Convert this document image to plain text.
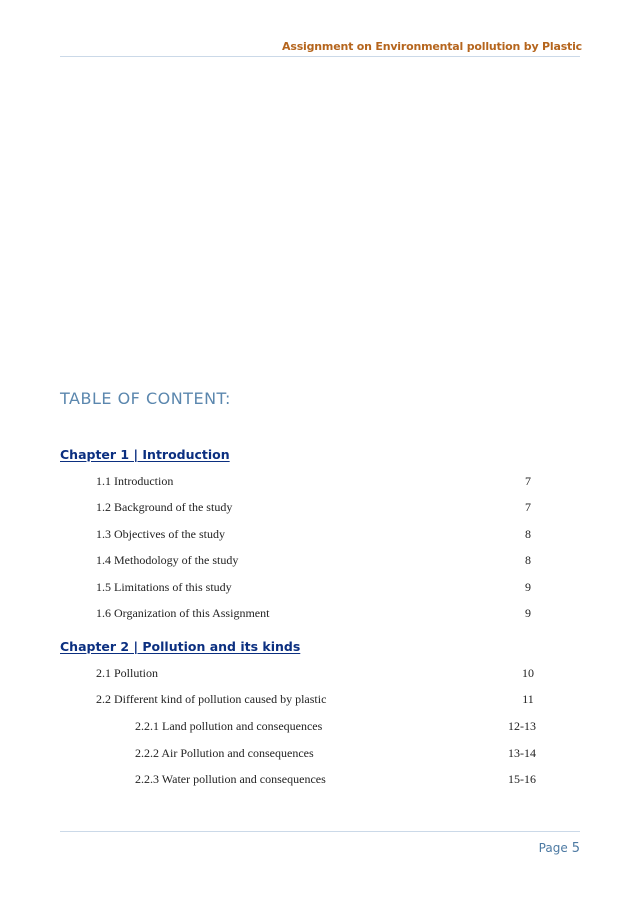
Assignment on Environmental pollution by Plastic
TABLE OF CONTENT:
Chapter 1 | Introduction
1.1 Introduction	7
1.2 Background of the study	7
1.3 Objectives of the study	8
1.4 Methodology of the study	8
1.5 Limitations of this study	9
1.6 Organization of this Assignment	9
Chapter 2 | Pollution and its kinds
2.1 Pollution	10
2.2 Different kind of pollution caused by plastic	11
2.2.1 Land pollution and consequences	12-13
2.2.2 Air Pollution and consequences	13-14
2.2.3 Water pollution and consequences	15-16
Page 5
